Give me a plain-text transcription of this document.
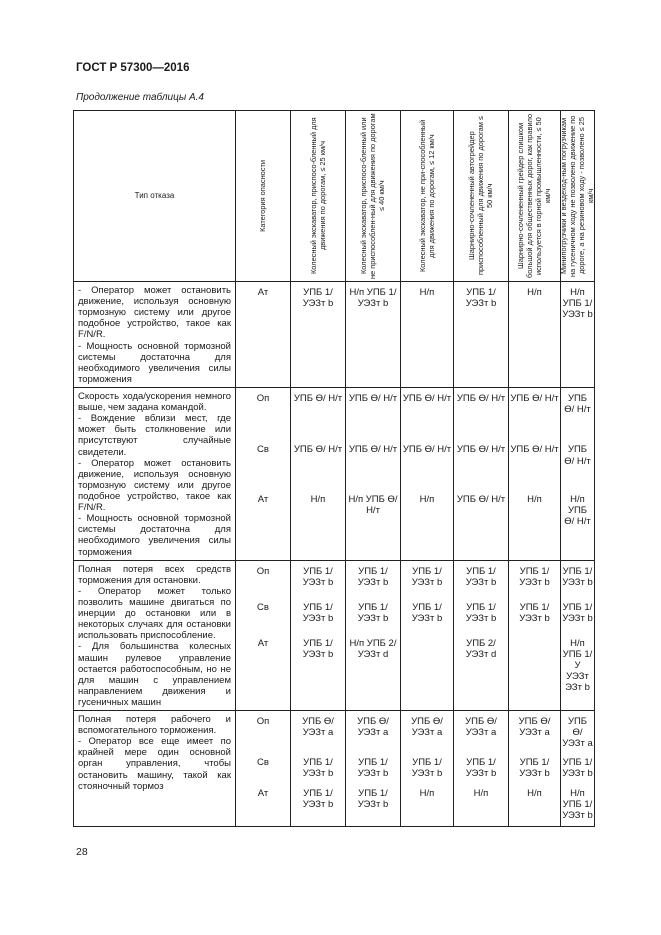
ГОСТ Р 57300—2016
Продолжение таблицы А.4
Тип отказа	Категория опасности	Колесный экскаватор, приспосо-бленный для движения по дорогам, ≤ 25 км/ч	Колесный экскаватор, приспосо-бленный или не приспособлен-ный для движения по дорогам ≤ 40 км/ч	Колесный экскаватор, не при-способленный для движения по дорогам, ≤ 12 км/ч	Шарнирно-сочлененный автогрейдер приспособленный для движения по дорогам ≤ 50 км/ч	Шарнирно-сочлененный грейдер слишком большой для общественных дорог, как правило используется в горной промышленности, ≤ 50 км/ч	Минипогрузчики и вездеход-ным погрузчикам на гусеничном ходу не позволено движение по дороге, а на резиновом ходу - позволено ≤ 25 км/ч

- Оператор может остановить движение, используя основную тормозную систему или другое подобное устройство, такое как F/N/R.
- Мощность основной тормозной системы достаточна для необходимого увеличения силы торможения	Ат	УПБ 1/ УЭЗт b	Н/п УПБ 1/ УЭЗт b	Н/п	УПБ 1/ УЭЗт b	Н/п	Н/п УПБ 1/ УЭЗт b

Скорость хода/ускорения немного выше, чем задана командой.
- Вождение вблизи мест, где может быть столкновение или присутствуют случайные свидетели.
- Оператор может остановить движение, используя основную тормозную систему или другое подобное устройство, такое как F/N/R.
- Мощность основной тормозной системы достаточна для необходимого увеличения силы торможения	Оп	УПБ Ѳ/ Н/т	УПБ Ѳ/ Н/т	УПБ Ѳ/ Н/т	УПБ Ѳ/ Н/т	УПБ Ѳ/ Н/т	УПБ Ѳ/ Н/т
	Св	УПБ Ѳ/ Н/т	УПБ Ѳ/ Н/т	УПБ Ѳ/ Н/т	УПБ Ѳ/ Н/т	УПБ Ѳ/ Н/т	УПБ Ѳ/ Н/т
	Ат	Н/п	Н/п УПБ Ѳ/ Н/т	Н/п	УПБ Ѳ/ Н/т	Н/п	Н/п УПБ Ѳ/ Н/т

Полная потеря всех средств торможения для остановки.
- Оператор может только позволить машине двигаться по инерции до остановки или в некоторых случаях для остановки использовать приспособление.
- Для большинства колесных машин рулевое управление остается работоспособным, но не для машин с управлением направлением движения и гусеничных машин	Оп	УПБ 1/ УЭЗт b	УПБ 1/ УЭЗт b	УПБ 1/ УЭЗт b	УПБ 1/ УЭЗт b	УПБ 1/ УЭЗт b	УПБ 1/ УЭЗт b
	Св	УПБ 1/ УЭЗт b	УПБ 1/ УЭЗт b	УПБ 1/ УЭЗт b	УПБ 1/ УЭЗт b	УПБ 1/ УЭЗт b	УПБ 1/ УЭЗт b
	Ат	УПБ 1/ УЭЗт b	Н/п УПБ 2/ УЭЗт d		УПБ 2/ УЭЗт d		Н/п УПБ 1/ У УЭЗт ЭЗт b

Полная потеря рабочего и вспомогательного торможения.
- Оператор все еще имеет по крайней мере один основной орган управления, чтобы остановить машину, такой как стояночный тормоз	Оп	УПБ Ѳ/ УЭЗт a	УПБ Ѳ/ УЭЗт a	УПБ Ѳ/ УЭЗт a	УПБ Ѳ/ УЭЗт a	УПБ Ѳ/ УЭЗт a	УПБ Ѳ/ УЭЗт a
	Св	УПБ 1/ УЭЗт b	УПБ 1/ УЭЗт b	УПБ 1/ УЭЗт b	УПБ 1/ УЭЗт b	УПБ 1/ УЭЗт b	УПБ 1/ УЭЗт b
	Ат	УПБ 1/ УЭЗт b	УПБ 1/ УЭЗт b	Н/п	Н/п	Н/п	Н/п УПБ 1/ УЭЗт b
28
